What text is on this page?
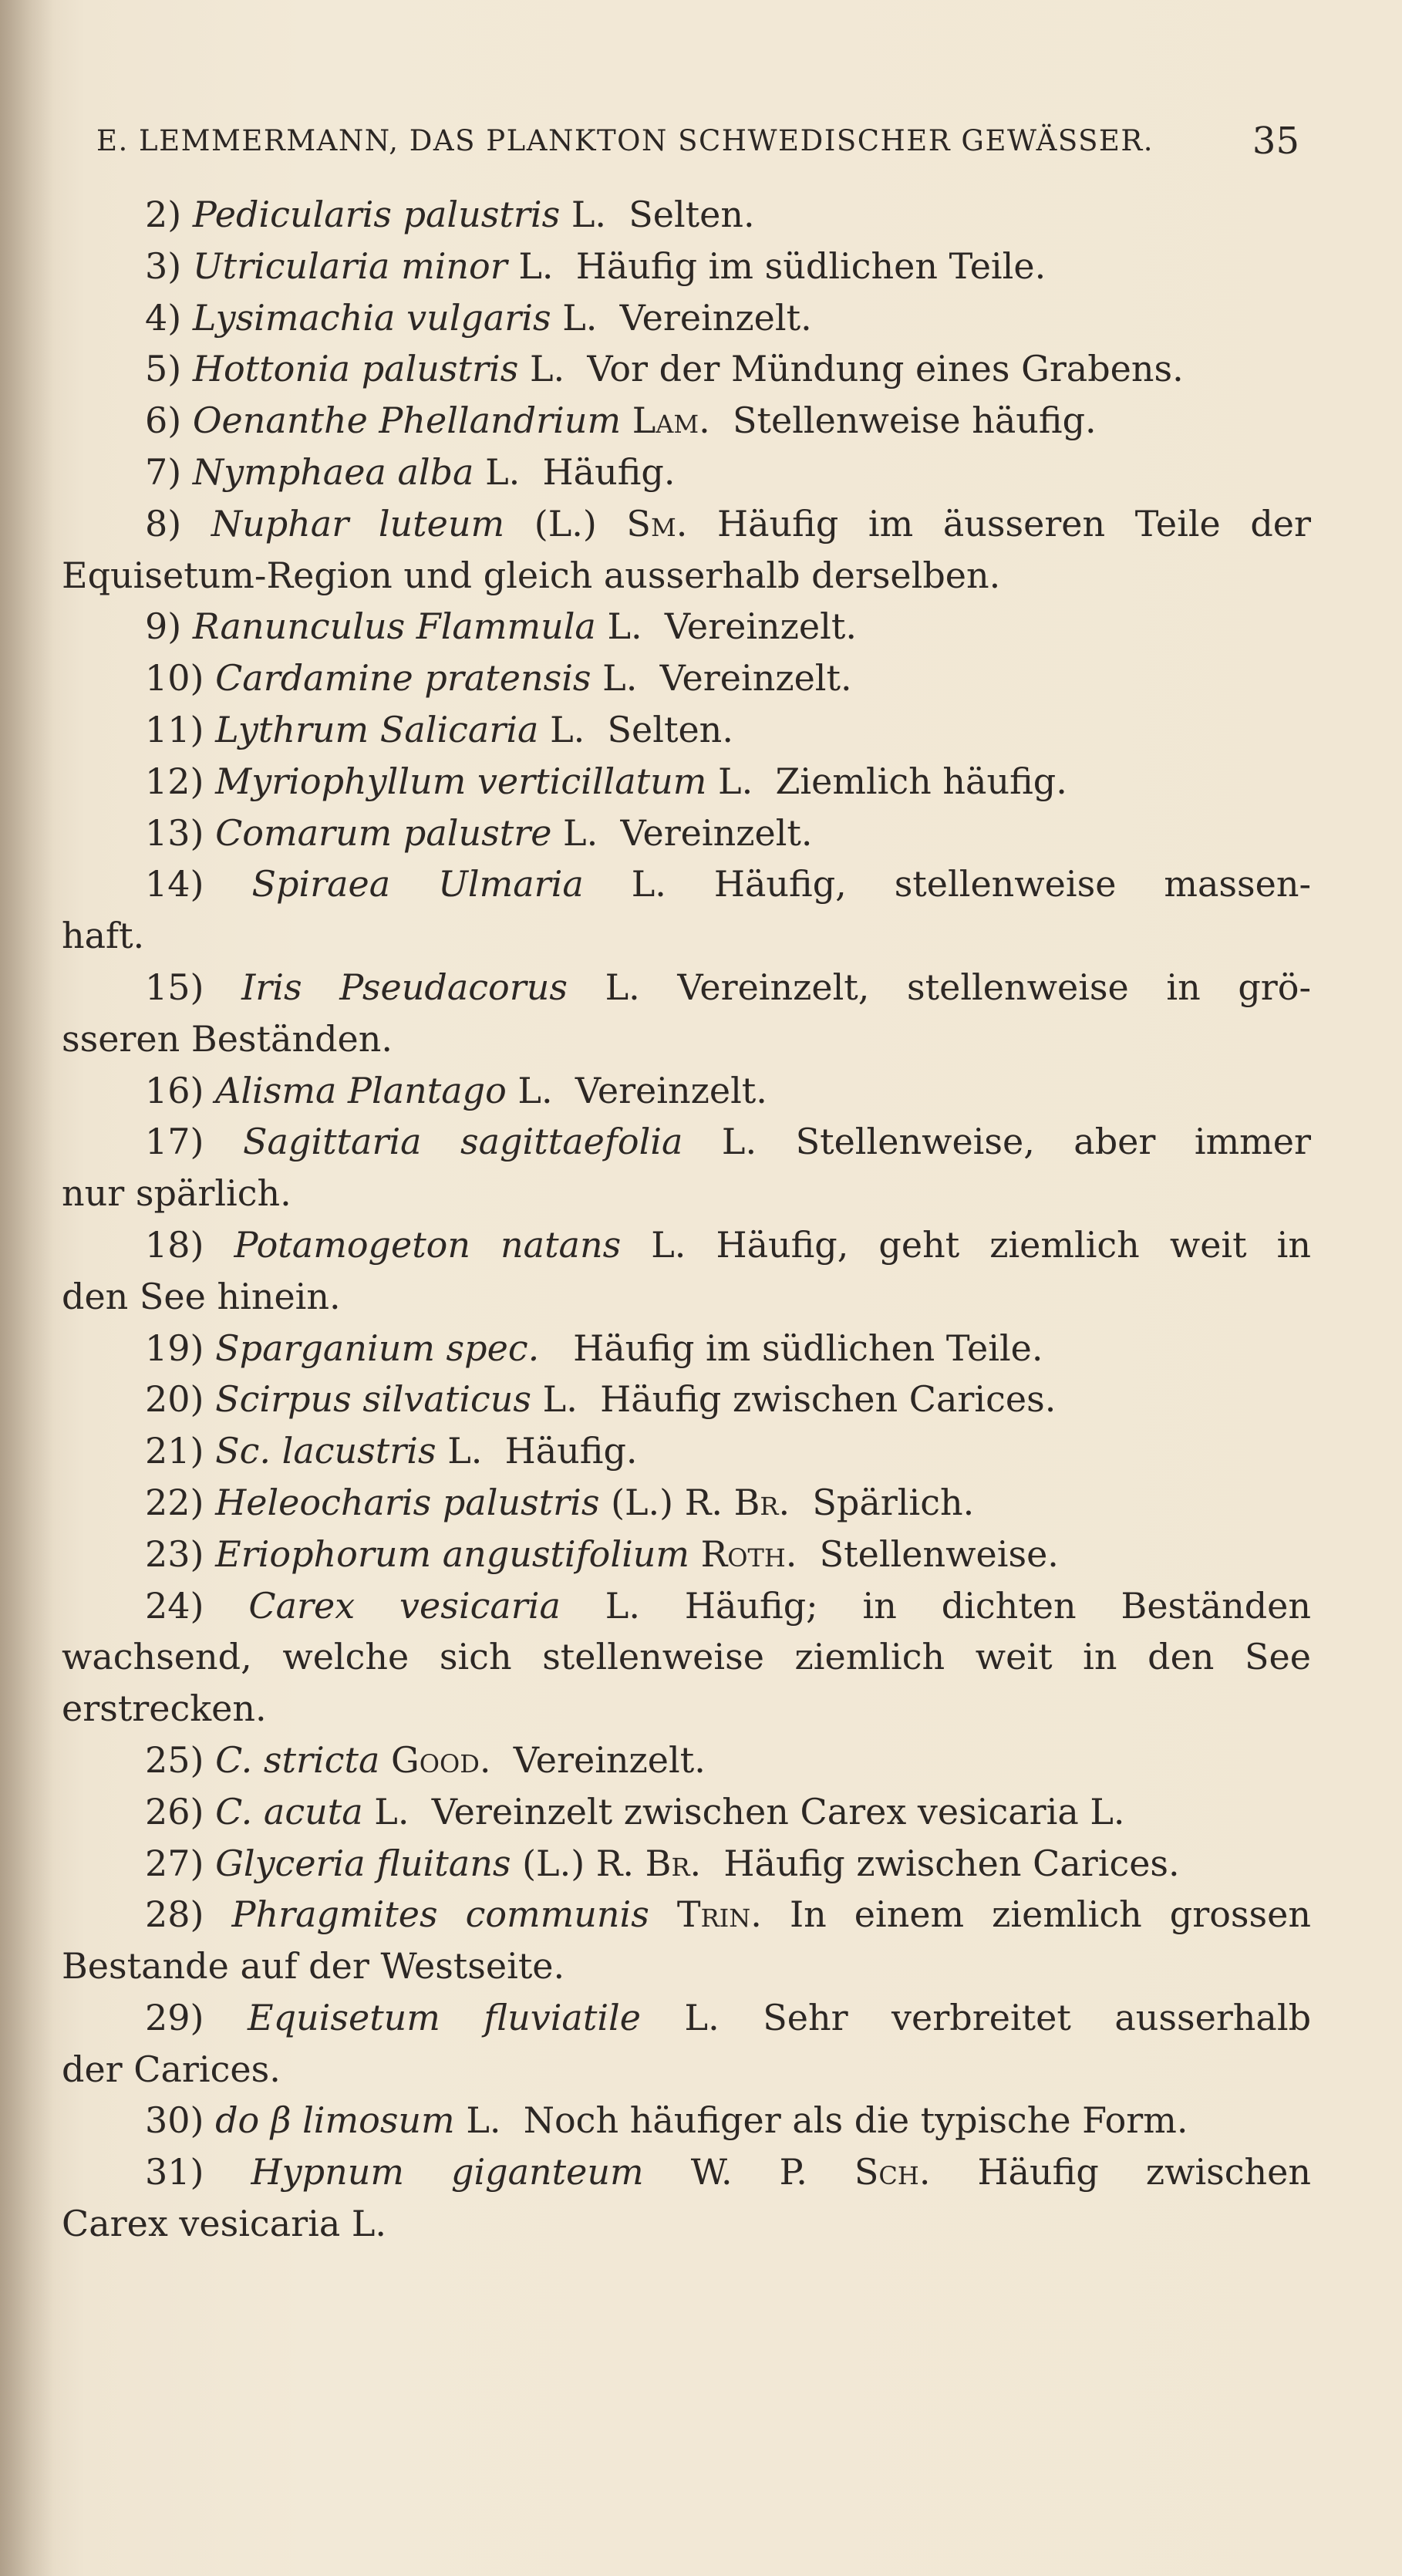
E. LEMMERMANN, DAS PLANKTON SCHWEDISCHER GEWÄSSER.	35
2) Pedicularis palustris L. Selten.
3) Utricularia minor L. Häufig im südlichen Teile.
4) Lysimachia vulgaris L. Vereinzelt.
5) Hottonia palustris L. Vor der Mündung eines Grabens.
6) Oenanthe Phellandrium Lam. Stellenweise häufig.
7) Nymphaea alba L. Häufig.
8) Nuphar luteum (L.) Sm. Häufig im äusseren Teile der
Equisetum-Region und gleich ausserhalb derselben.
9) Ranunculus Flammula L. Vereinzelt.
10) Cardamine pratensis L. Vereinzelt.
11) Lythrum Salicaria L. Selten.
12) Myriophyllum verticillatum L. Ziemlich häufig.
13) Comarum palustre L. Vereinzelt.
14) Spiraea Ulmaria L. Häufig, stellenweise massen-
haft.
15) Iris Pseudacorus L. Vereinzelt, stellenweise in grö-
sseren Beständen.
16) Alisma Plantago L. Vereinzelt.
17) Sagittaria sagittaefolia L. Stellenweise, aber immer
nur spärlich.
18) Potamogeton natans L. Häufig, geht ziemlich weit in
den See hinein.
19) Sparganium spec. Häufig im südlichen Teile.
20) Scirpus silvaticus L. Häufig zwischen Carices.
21) Sc. lacustris L. Häufig.
22) Heleocharis palustris (L.) R. Br. Spärlich.
23) Eriophorum angustifolium Roth. Stellenweise.
24) Carex vesicaria L. Häufig; in dichten Beständen
wachsend, welche sich stellenweise ziemlich weit in den See
erstrecken.
25) C. stricta Good. Vereinzelt.
26) C. acuta L. Vereinzelt zwischen Carex vesicaria L.
27) Glyceria fluitans (L.) R. Br. Häufig zwischen Carices.
28) Phragmites communis Trin. In einem ziemlich grossen
Bestande auf der Westseite.
29) Equisetum fluviatile L. Sehr verbreitet ausserhalb
der Carices.
30) do β limosum L. Noch häufiger als die typische Form.
31) Hypnum giganteum W. P. Sch. Häufig zwischen
Carex vesicaria L.
